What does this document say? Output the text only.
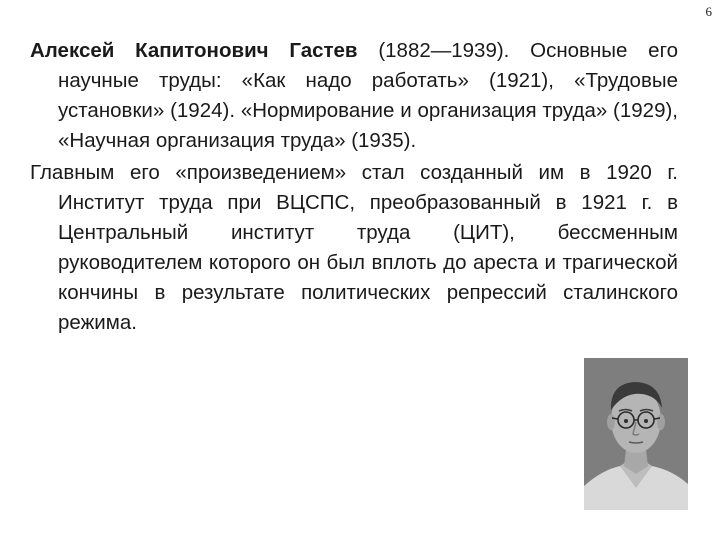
6

Алексей Капитонович Гастев (1882—1939). Основные его научные труды: «Как надо работать» (1921), «Трудовые установки» (1924). «Нормирование и организация труда» (1929), «Научная организация труда» (1935).

Главным его «произведением» стал созданный им в 1920 г. Институт труда при ВЦСПС, преобразованный в 1921 г. в Центральный институт труда (ЦИТ), бессменным руководителем которого он был вплоть до ареста и трагической кончины в результате политических репрессий сталинского режима.
